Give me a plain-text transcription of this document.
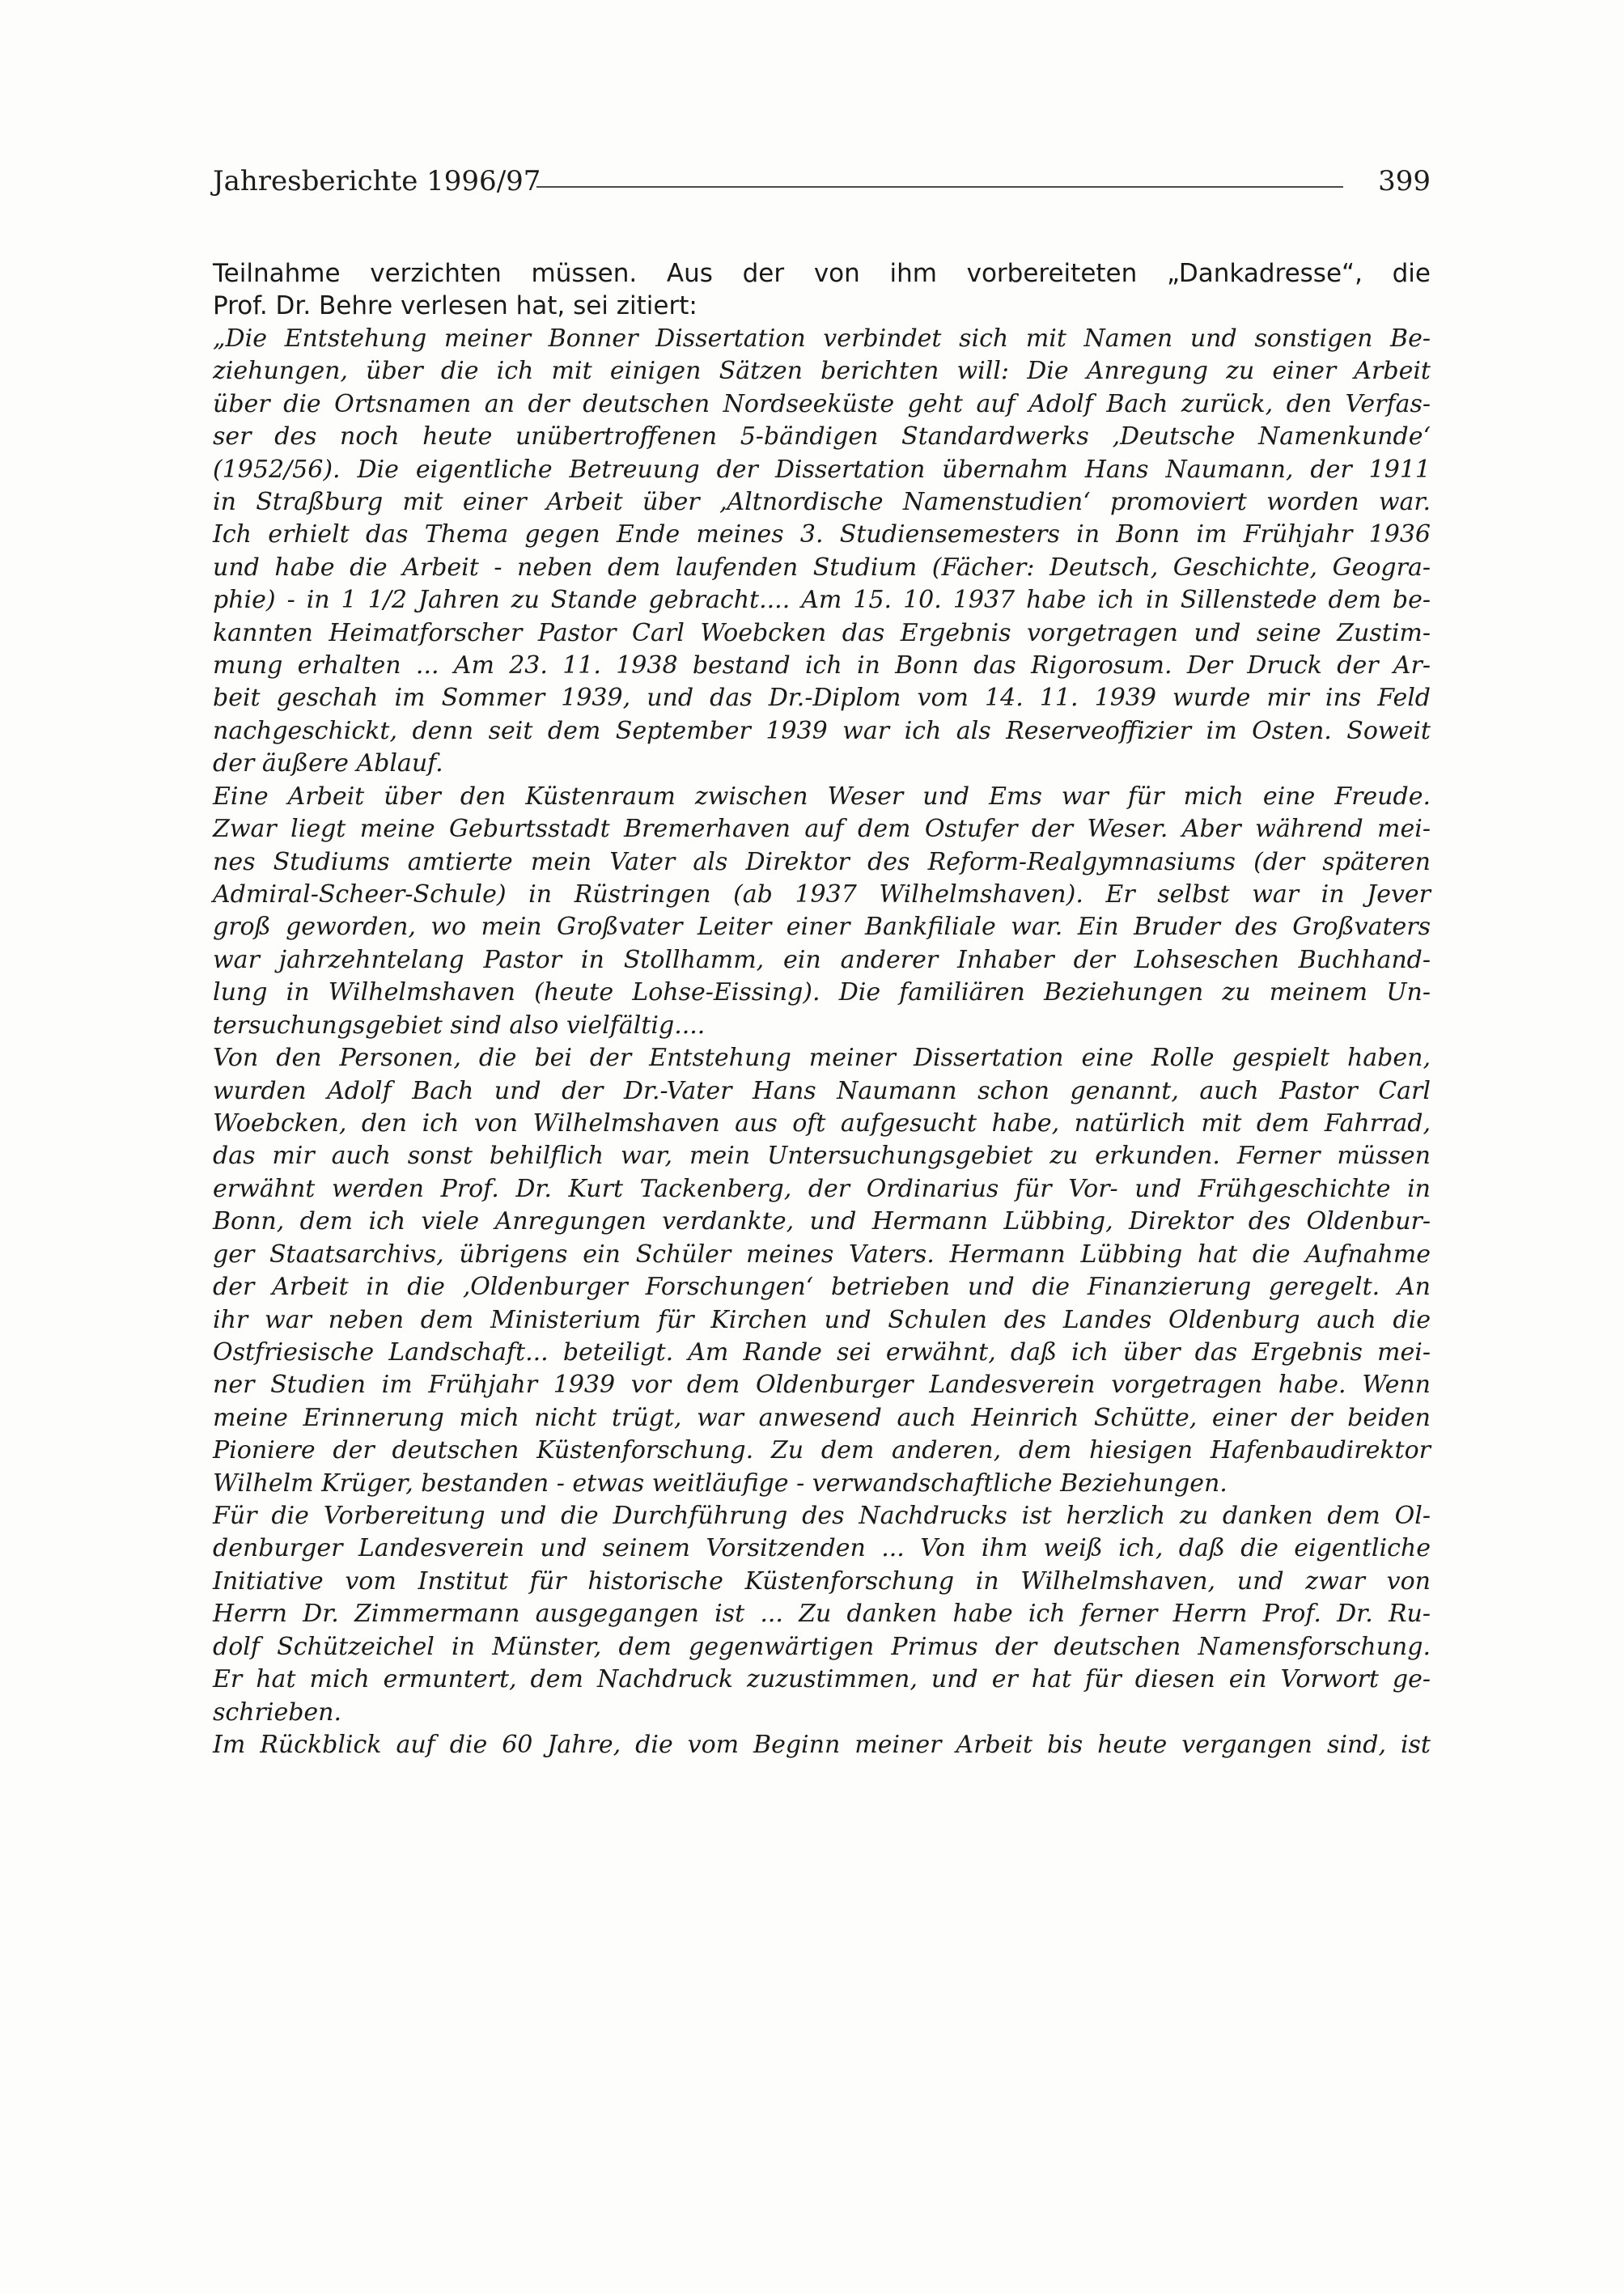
Jahresberichte 1996/97	399
Teilnahme verzichten müssen. Aus der von ihm vorbereiteten „Dankadresse“, die
Prof. Dr. Behre verlesen hat, sei zitiert:
„Die Entstehung meiner Bonner Dissertation verbindet sich mit Namen und sonstigen Be-
ziehungen, über die ich mit einigen Sätzen berichten will: Die Anregung zu einer Arbeit
über die Ortsnamen an der deutschen Nordseeküste geht auf Adolf Bach zurück, den Verfas-
ser des noch heute unübertroffenen 5-bändigen Standardwerks ‚Deutsche Namenkunde‘
(1952/56). Die eigentliche Betreuung der Dissertation übernahm Hans Naumann, der 1911
in Straßburg mit einer Arbeit über ‚Altnordische Namenstudien‘ promoviert worden war.
Ich erhielt das Thema gegen Ende meines 3. Studiensemesters in Bonn im Frühjahr 1936
und habe die Arbeit - neben dem laufenden Studium (Fächer: Deutsch, Geschichte, Geogra-
phie) - in 1 1/2 Jahren zu Stande gebracht.... Am 15. 10. 1937 habe ich in Sillenstede dem be-
kannten Heimatforscher Pastor Carl Woebcken das Ergebnis vorgetragen und seine Zustim-
mung erhalten ... Am 23. 11. 1938 bestand ich in Bonn das Rigorosum. Der Druck der Ar-
beit geschah im Sommer 1939, und das Dr.-Diplom vom 14. 11. 1939 wurde mir ins Feld
nachgeschickt, denn seit dem September 1939 war ich als Reserveoffizier im Osten. Soweit
der äußere Ablauf.
Eine Arbeit über den Küstenraum zwischen Weser und Ems war für mich eine Freude.
Zwar liegt meine Geburtsstadt Bremerhaven auf dem Ostufer der Weser. Aber während mei-
nes Studiums amtierte mein Vater als Direktor des Reform-Realgymnasiums (der späteren
Admiral-Scheer-Schule) in Rüstringen (ab 1937 Wilhelmshaven). Er selbst war in Jever
groß geworden, wo mein Großvater Leiter einer Bankfiliale war. Ein Bruder des Großvaters
war jahrzehntelang Pastor in Stollhamm, ein anderer Inhaber der Lohseschen Buchhand-
lung in Wilhelmshaven (heute Lohse-Eissing). Die familiären Beziehungen zu meinem Un-
tersuchungsgebiet sind also vielfältig....
Von den Personen, die bei der Entstehung meiner Dissertation eine Rolle gespielt haben,
wurden Adolf Bach und der Dr.-Vater Hans Naumann schon genannt, auch Pastor Carl
Woebcken, den ich von Wilhelmshaven aus oft aufgesucht habe, natürlich mit dem Fahrrad,
das mir auch sonst behilflich war, mein Untersuchungsgebiet zu erkunden. Ferner müssen
erwähnt werden Prof. Dr. Kurt Tackenberg, der Ordinarius für Vor- und Frühgeschichte in
Bonn, dem ich viele Anregungen verdankte, und Hermann Lübbing, Direktor des Oldenbur-
ger Staatsarchivs, übrigens ein Schüler meines Vaters. Hermann Lübbing hat die Aufnahme
der Arbeit in die ‚Oldenburger Forschungen‘ betrieben und die Finanzierung geregelt. An
ihr war neben dem Ministerium für Kirchen und Schulen des Landes Oldenburg auch die
Ostfriesische Landschaft... beteiligt. Am Rande sei erwähnt, daß ich über das Ergebnis mei-
ner Studien im Frühjahr 1939 vor dem Oldenburger Landesverein vorgetragen habe. Wenn
meine Erinnerung mich nicht trügt, war anwesend auch Heinrich Schütte, einer der beiden
Pioniere der deutschen Küstenforschung. Zu dem anderen, dem hiesigen Hafenbaudirektor
Wilhelm Krüger, bestanden - etwas weitläufige - verwandschaftliche Beziehungen.
Für die Vorbereitung und die Durchführung des Nachdrucks ist herzlich zu danken dem Ol-
denburger Landesverein und seinem Vorsitzenden ... Von ihm weiß ich, daß die eigentliche
Initiative vom Institut für historische Küstenforschung in Wilhelmshaven, und zwar von
Herrn Dr. Zimmermann ausgegangen ist ... Zu danken habe ich ferner Herrn Prof. Dr. Ru-
dolf Schützeichel in Münster, dem gegenwärtigen Primus der deutschen Namensforschung.
Er hat mich ermuntert, dem Nachdruck zuzustimmen, und er hat für diesen ein Vorwort ge-
schrieben.
Im Rückblick auf die 60 Jahre, die vom Beginn meiner Arbeit bis heute vergangen sind, ist
